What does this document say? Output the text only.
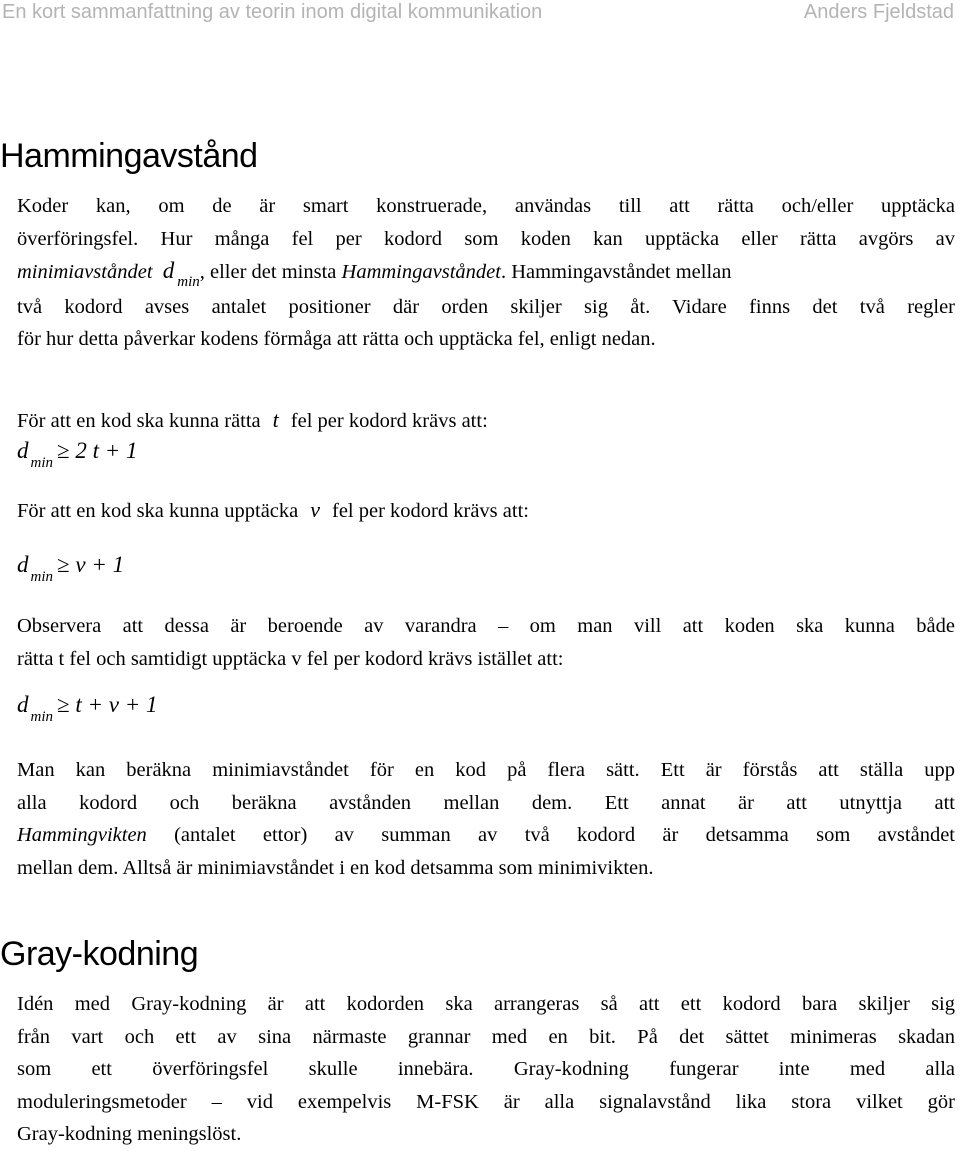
En kort sammanfattning av teorin inom digital kommunikation	Anders Fjeldstad
Hammingavstånd
Koder kan, om de är smart konstruerade, användas till att rätta och/eller upptäcka
överföringsfel. Hur många fel per kodord som koden kan upptäcka eller rätta avgörs av
minimiavståndet d $_{min}$, eller det minsta Hammingavståndet. Hammingavståndet mellan
två kodord avses antalet positioner där orden skiljer sig åt. Vidare finns det två regler
för hur detta påverkar kodens förmåga att rätta och upptäcka fel, enligt nedan.
För att en kod ska kunna rätta t fel per kodord krävs att:
d $_{min}$ ≥ 2 t + 1
För att en kod ska kunna upptäcka v fel per kodord krävs att:
d $_{min}$ ≥ v + 1
Observera att dessa är beroende av varandra – om man vill att koden ska kunna både
rätta t fel och samtidigt upptäcka v fel per kodord krävs istället att:
d $_{min}$ ≥ t + v + 1
Man kan beräkna minimiavståndet för en kod på flera sätt. Ett är förstås att ställa upp
alla kodord och beräkna avstånden mellan dem. Ett annat är att utnyttja att
Hammingvikten (antalet ettor) av summan av två kodord är detsamma som avståndet
mellan dem. Alltså är minimiavståndet i en kod detsamma som minimivikten.
Gray-kodning
Idén med Gray-kodning är att kodorden ska arrangeras så att ett kodord bara skiljer sig
från vart och ett av sina närmaste grannar med en bit. På det sättet minimeras skadan
som ett överföringsfel skulle innebära. Gray-kodning fungerar inte med alla
moduleringsmetoder – vid exempelvis M-FSK är alla signalavstånd lika stora vilket gör
Gray-kodning meningslöst.
